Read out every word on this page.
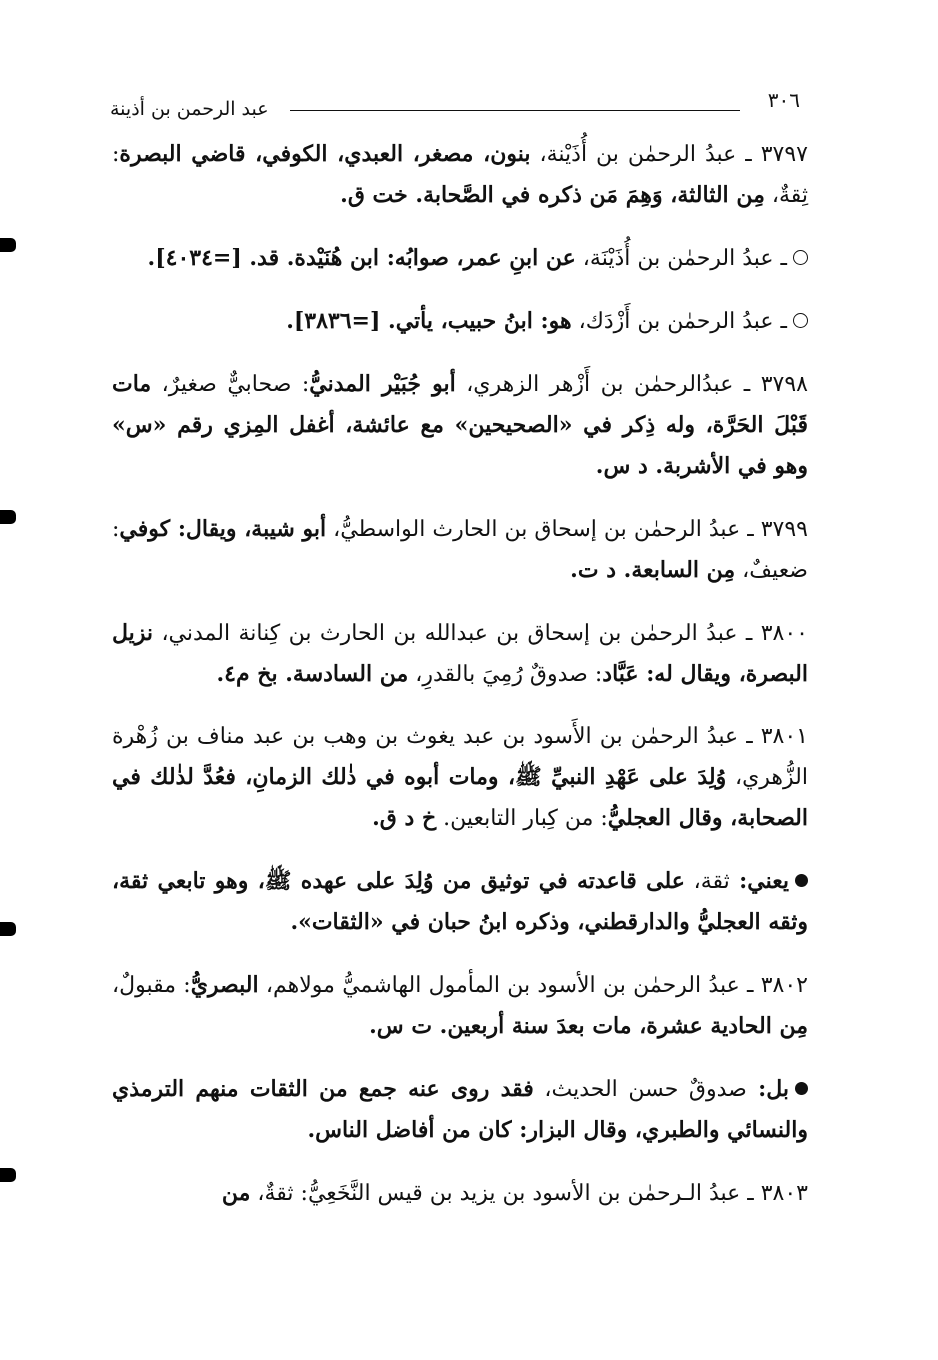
٣٠٦
عبد الرحمن بن أذينة

٣٧٩٧ ـ عبدُ الرحمٰن بن أُذَيْنة، بنون، مصغر، العبدي، الكوفي، قاضي البصرة: ثِقةٌ، مِن الثالثة، وَهِمَ مَن ذكره في الصَّحابة. خت ق.

ـ عبدُ الرحمٰن بن أُذَيْنَة، عن ابنِ عمر، صوابُه: ابن هُنَيْدة. قد. [=٤٠٣٤].

ـ عبدُ الرحمٰن بن أَزْدَك، هو: ابنُ حبيب، يأتي. [=٣٨٣٦].

٣٧٩٨ ـ عبدُالرحمٰن بن أَزْهر الزهري، أبو جُبَيْر المدنيُّ: صحابيٌّ صغيرٌ، مات قَبْلَ الحَرَّة، وله ذِكر في «الصحيحين» مع عائشة، أغفل المِزي رقم «س» وهو في الأشربة. د س.

٣٧٩٩ ـ عبدُ الرحمٰن بن إسحاق بن الحارث الواسطيُّ، أبو شيبة، ويقال: كوفي: ضعيفٌ، مِن السابعة. د ت.

٣٨٠٠ ـ عبدُ الرحمٰن بن إسحاق بن عبدالله بن الحارث بن كِنانة المدني، نزيل البصرة، ويقال له: عَبَّاد: صدوقٌ رُمِيَ بالقدرِ، من السادسة. بخ م٤.

٣٨٠١ ـ عبدُ الرحمٰن بن الأَسود بن عبد يغوث بن وهب بن عبد مناف بن زُهْرة الزُّهري، وُلِدَ على عَهْدِ النبيِّ ﷺ، ومات أبوه في ذٰلك الزمانِ، فعُدَّ لذٰلك في الصحابة، وقال العجليُّ: من كِبار التابعين. خ د ق.

يعني: ثقة، على قاعدته في توثيق من وُلِدَ على عهده ﷺ، وهو تابعي ثقة، وثقه العجليُّ والدارقطني، وذكره ابنُ حبان في «الثقات».

٣٨٠٢ ـ عبدُ الرحمٰن بن الأسود بن المأمول الهاشميُّ مولاهم، البصريُّ: مقبولٌ، مِن الحادية عشرة، مات بعدَ سنة أربعين. ت س.

بل: صدوقٌ حسن الحديث، فقد روى عنه جمع من الثقات منهم الترمذي والنسائي والطبري، وقال البزار: كان من أفاضل الناس.

٣٨٠٣ ـ عبدُ الـرحمٰن بن الأسود بن يزيد بن قيس النَّخَعِيُّ: ثقةٌ، من
